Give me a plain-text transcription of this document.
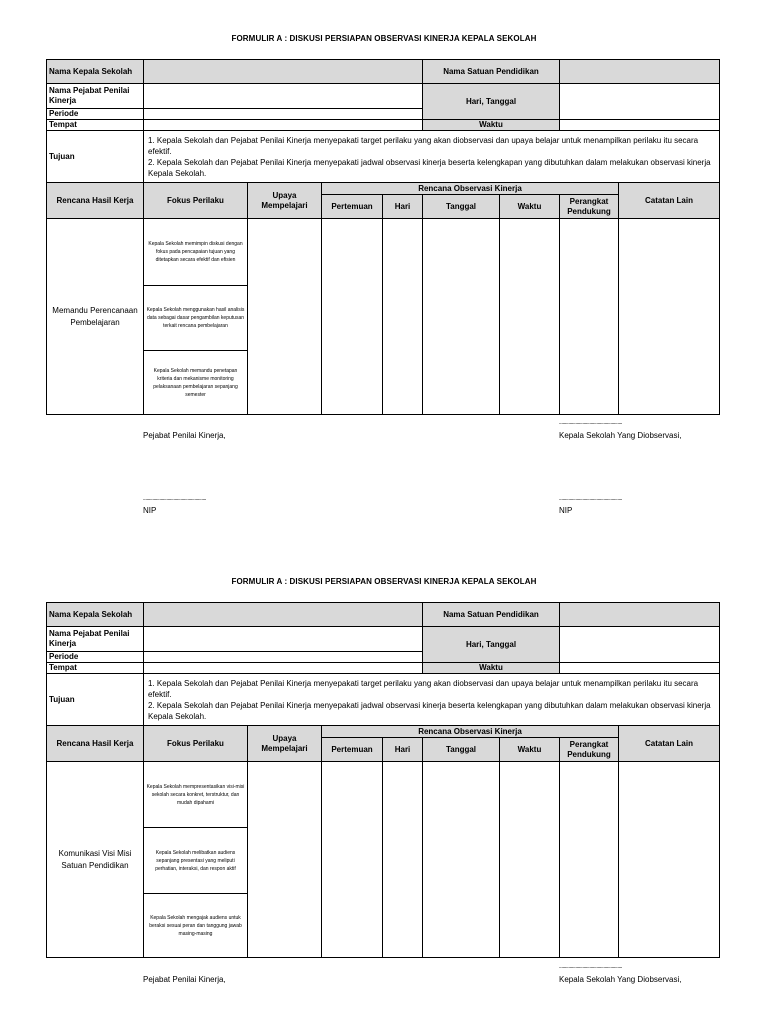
FORMULIR A : DISKUSI PERSIAPAN OBSERVASI KINERJA KEPALA SEKOLAH
Nama Kepala Sekolah					Nama Satuan Pendidikan			
Nama Pejabat Penilai Kinerja					Hari, Tanggal			
Periode								
Tempat					Waktu			
Tujuan	1. Kepala Sekolah dan Pejabat Penilai Kinerja menyepakati target perilaku yang akan diobservasi dan upaya belajar untuk menampilkan perilaku itu secara efektif.
2. Kepala Sekolah dan Pejabat Penilai Kinerja menyepakati jadwal observasi kinerja beserta kelengkapan yang dibutuhkan dalam melakukan observasi kinerja Kepala Sekolah.							

Rencana Hasil Kerja	Fokus Perilaku	Upaya Mempelajari	Rencana Observasi Kinerja					Catatan Lain
			Pertemuan	Hari	Tanggal	Waktu	Perangkat Pendukung	
Memandu Perencanaan Pembelajaran	Kepala Sekolah memimpin diskusi dengan fokus pada pencapaian tujuan yang ditetapkan secara efektif dan efisien							
	Kepala Sekolah menggunakan hasil analisis data sebagai dasar pengambilan keputusan terkait rencana pembelajaran							
	Kepala Sekolah memandu penetapan kriteria dan mekanisme monitoring pelaksanaan pembelajaran sepanjang semester							
......................................................
Pejabat Penilai Kinerja,	Kepala Sekolah Yang Diobservasi,
......................................................	......................................................
NIP	NIP
FORMULIR A : DISKUSI PERSIAPAN OBSERVASI KINERJA KEPALA SEKOLAH
Nama Kepala Sekolah					Nama Satuan Pendidikan			
Nama Pejabat Penilai Kinerja					Hari, Tanggal			
Periode								
Tempat					Waktu			
Tujuan	1. Kepala Sekolah dan Pejabat Penilai Kinerja menyepakati target perilaku yang akan diobservasi dan upaya belajar untuk menampilkan perilaku itu secara efektif.
2. Kepala Sekolah dan Pejabat Penilai Kinerja menyepakati jadwal observasi kinerja beserta kelengkapan yang dibutuhkan dalam melakukan observasi kinerja Kepala Sekolah.							

Rencana Hasil Kerja	Fokus Perilaku	Upaya Mempelajari	Rencana Observasi Kinerja					Catatan Lain
			Pertemuan	Hari	Tanggal	Waktu	Perangkat Pendukung	
Komunikasi Visi Misi Satuan Pendidikan	Kepala Sekolah mempresentasikan visi-misi sekolah secara konkret, terstruktur, dan mudah dipahami							
	Kepala Sekolah melibatkan audiens sepanjang presentasi yang meliputi perhatian, interaksi, dan respon aktif							
	Kepala Sekolah mengajak audiens untuk beraksi sesuai peran dan tanggung jawab masing-masing							
......................................................
Pejabat Penilai Kinerja,	Kepala Sekolah Yang Diobservasi,
